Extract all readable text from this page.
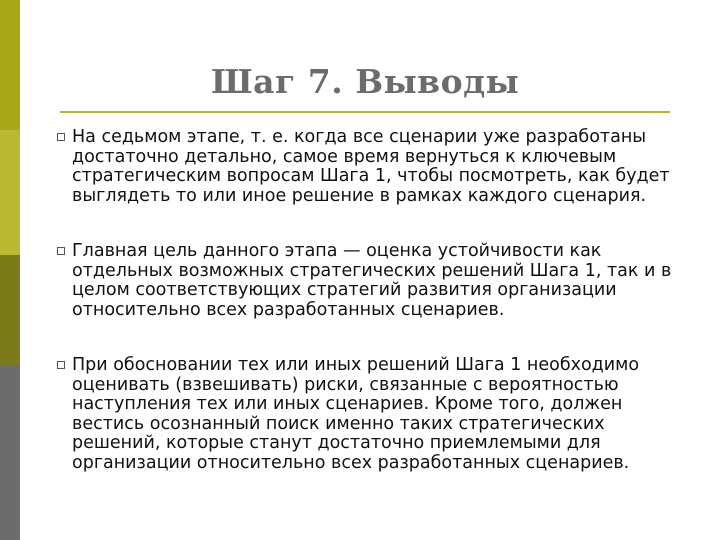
Шаг 7. Выводы
На седьмом этапе, т. е. когда все сценарии уже разработаны достаточно детально, самое время вернуться к ключевым стратегическим вопросам Шага 1, чтобы посмотреть, как будет выглядеть то или иное решение в рамках каждого сценария.
Главная цель данного этапа — оценка устойчивости как отдельных возможных стратегических решений Шага 1, так и в целом соответствующих стратегий развития организации относительно всех разработанных сценариев.
При обосновании тех или иных решений Шага 1 необходимо оценивать (взвешивать) риски, связанные с вероятностью наступления тех или иных сценариев. Кроме того, должен вестись осознанный поиск именно таких стратегических решений, которые станут достаточно приемлемыми для организации относительно всех разработанных сценариев.
